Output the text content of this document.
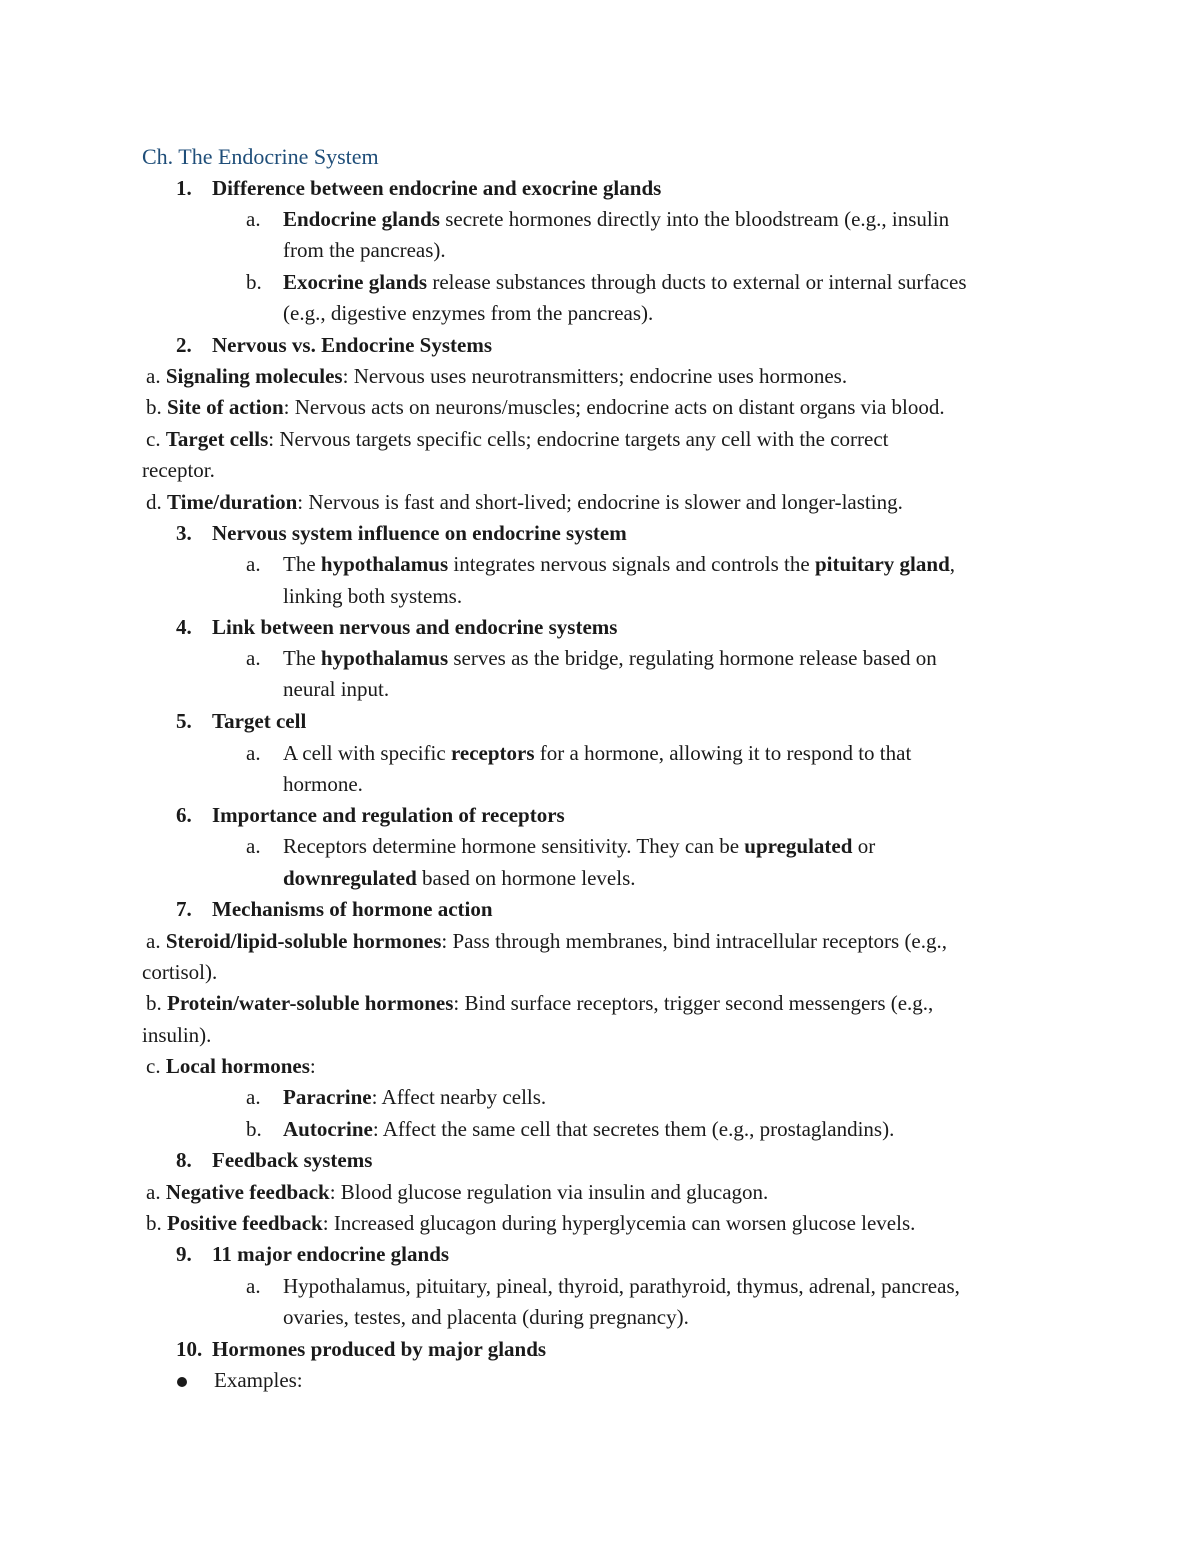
Ch. The Endocrine System
1. Difference between endocrine and exocrine glands
a. Endocrine glands secrete hormones directly into the bloodstream (e.g., insulin
from the pancreas).
b. Exocrine glands release substances through ducts to external or internal surfaces
(e.g., digestive enzymes from the pancreas).
2. Nervous vs. Endocrine Systems
a. Signaling molecules: Nervous uses neurotransmitters; endocrine uses hormones.
b. Site of action: Nervous acts on neurons/muscles; endocrine acts on distant organs via blood.
c. Target cells: Nervous targets specific cells; endocrine targets any cell with the correct
receptor.
d. Time/duration: Nervous is fast and short-lived; endocrine is slower and longer-lasting.
3. Nervous system influence on endocrine system
a. The hypothalamus integrates nervous signals and controls the pituitary gland,
linking both systems.
4. Link between nervous and endocrine systems
a. The hypothalamus serves as the bridge, regulating hormone release based on
neural input.
5. Target cell
a. A cell with specific receptors for a hormone, allowing it to respond to that
hormone.
6. Importance and regulation of receptors
a. Receptors determine hormone sensitivity. They can be upregulated or
downregulated based on hormone levels.
7. Mechanisms of hormone action
a. Steroid/lipid-soluble hormones: Pass through membranes, bind intracellular receptors (e.g.,
cortisol).
b. Protein/water-soluble hormones: Bind surface receptors, trigger second messengers (e.g.,
insulin).
c. Local hormones:
a. Paracrine: Affect nearby cells.
b. Autocrine: Affect the same cell that secretes them (e.g., prostaglandins).
8. Feedback systems
a. Negative feedback: Blood glucose regulation via insulin and glucagon.
b. Positive feedback: Increased glucagon during hyperglycemia can worsen glucose levels.
9. 11 major endocrine glands
a. Hypothalamus, pituitary, pineal, thyroid, parathyroid, thymus, adrenal, pancreas,
ovaries, testes, and placenta (during pregnancy).
10. Hormones produced by major glands
Examples:
